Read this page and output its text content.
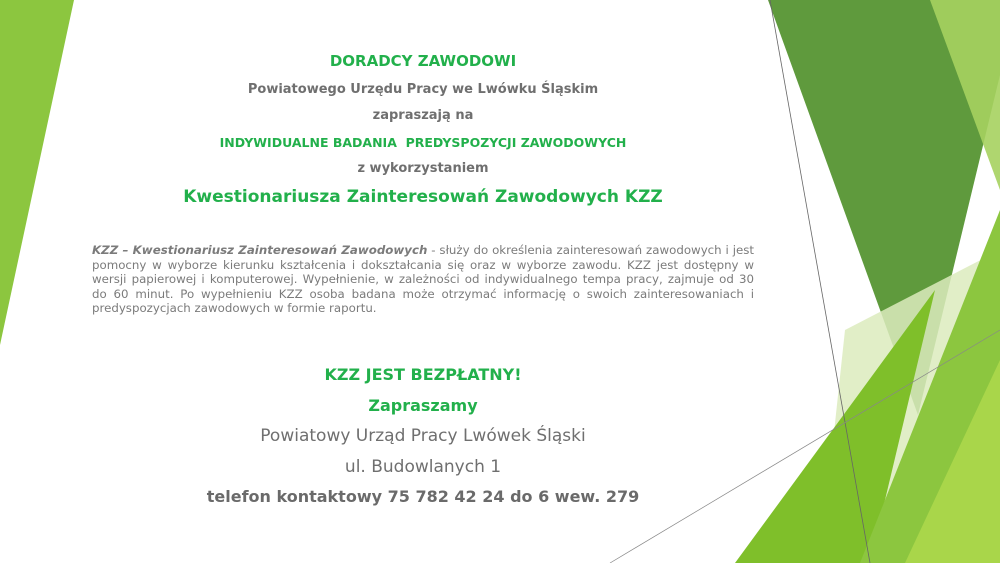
DORADCY ZAWODOWI
Powiatowego Urzędu Pracy we Lwówku Śląskim
zapraszają na
INDYWIDUALNE BADANIA  PREDYSPOZYCJI ZAWODOWYCH
z wykorzystaniem
Kwestionariusza Zainteresowań Zawodowych KZZ
KZZ – Kwestionariusz Zainteresowań Zawodowych - służy do określenia zainteresowań zawodowych i jest pomocny w wyborze kierunku kształcenia i dokształcania się oraz w wyborze zawodu. KZZ jest dostępny w wersji papierowej i komputerowej. Wypełnienie, w zależności od indywidualnego tempa pracy, zajmuje od 30 do 60 minut. Po wypełnieniu KZZ osoba badana może otrzymać informację o swoich zainteresowaniach i predyspozycjach zawodowych w formie raportu.
KZZ JEST BEZPŁATNY!
Zapraszamy
Powiatowy Urząd Pracy Lwówek Śląski
ul. Budowlanych 1
telefon kontaktowy 75 782 42 24 do 6 wew. 279
